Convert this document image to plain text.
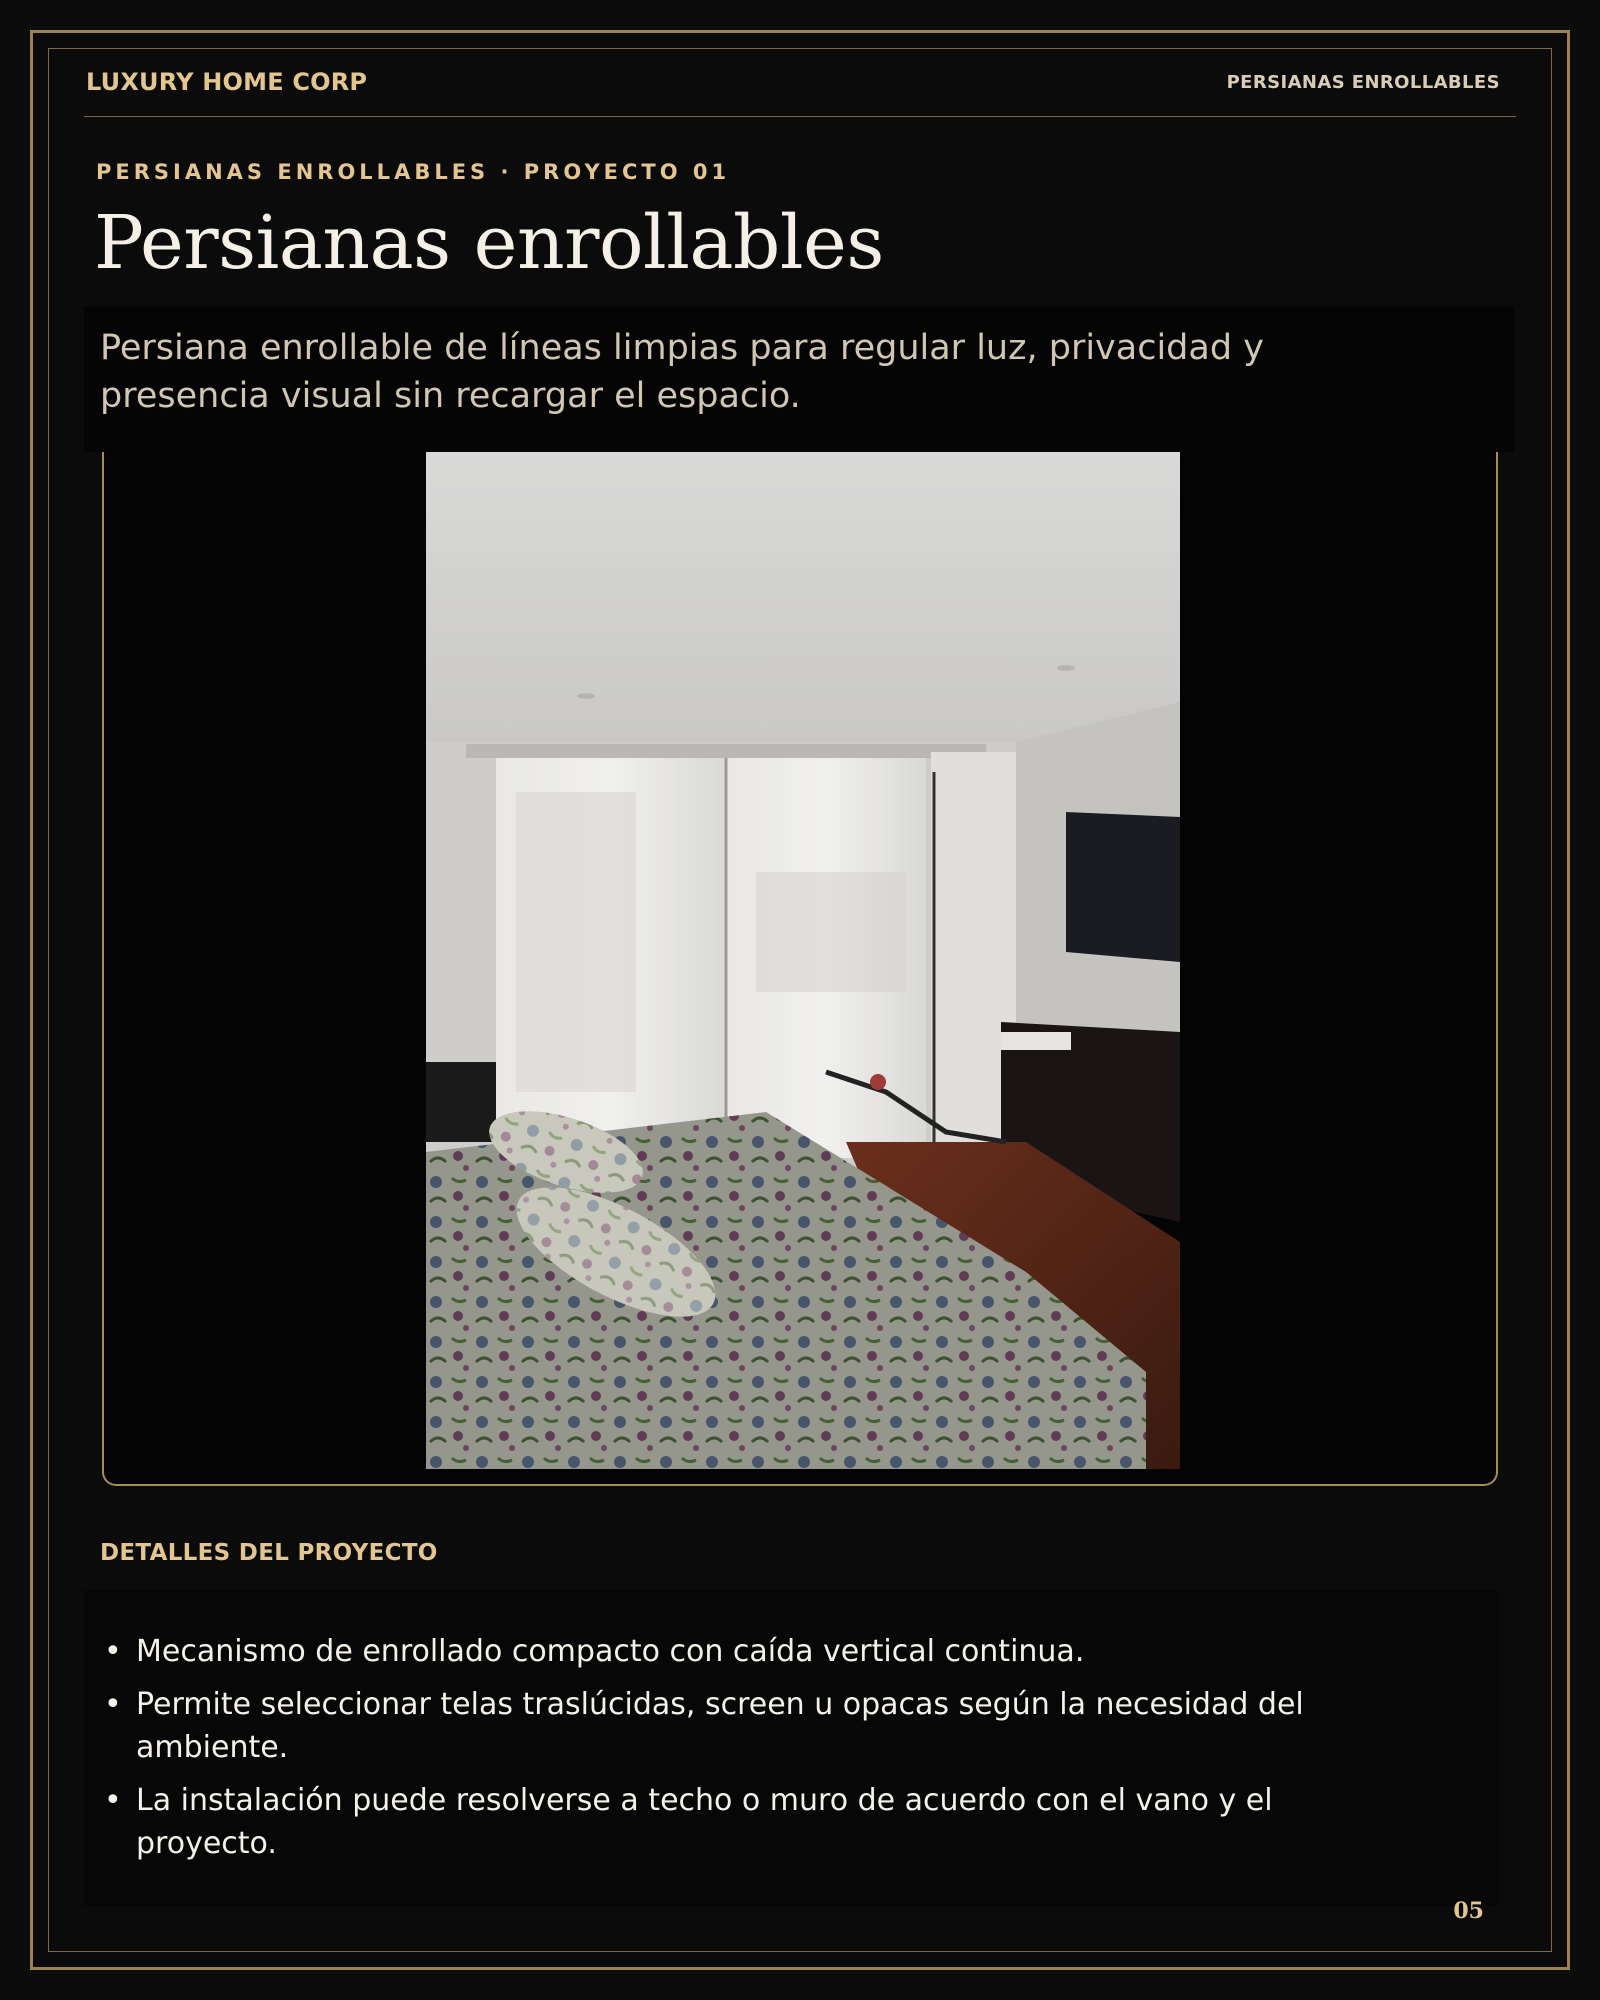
LUXURY HOME CORP	PERSIANAS ENROLLABLES
PERSIANAS ENROLLABLES · PROYECTO 01
Persianas enrollables

Persiana enrollable de líneas limpias para regular luz, privacidad y presencia visual sin recargar el espacio.

DETALLES DEL PROYECTO
• Mecanismo de enrollado compacto con caída vertical continua.
• Permite seleccionar telas traslúcidas, screen u opacas según la necesidad del ambiente.
• La instalación puede resolverse a techo o muro de acuerdo con el vano y el proyecto.
05
